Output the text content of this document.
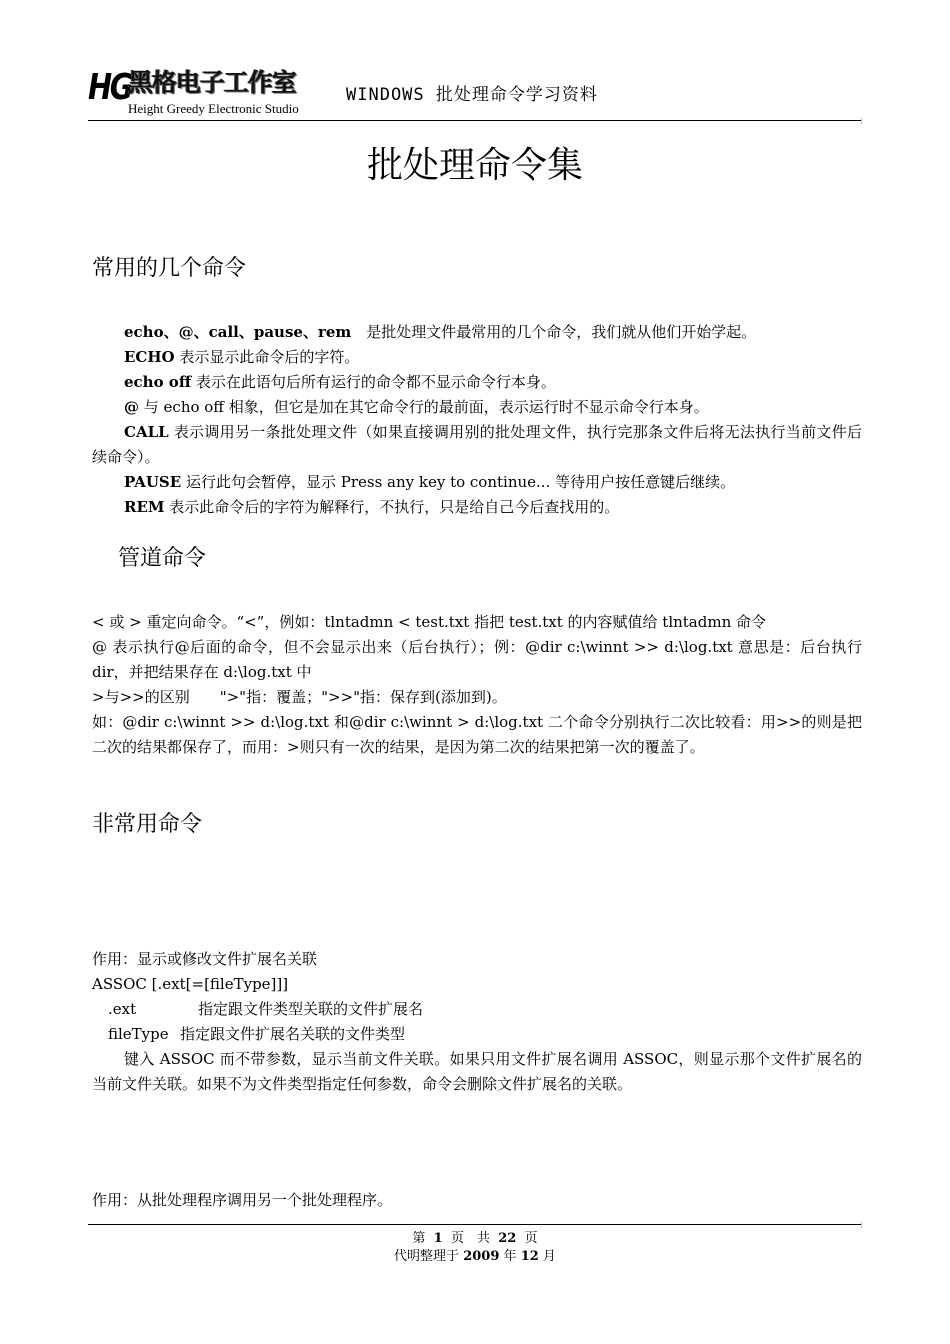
HG
黑格电子工作室
Height Greedy Electronic Studio
WINDOWS 批处理命令学习资料
批处理命令集
常用的几个命令
echo、@、call、pause、rem　是批处理文件最常用的几个命令，我们就从他们开始学起。
ECHO 表示显示此命令后的字符。
echo off 表示在此语句后所有运行的命令都不显示命令行本身。
@ 与 echo off 相象，但它是加在其它命令行的最前面，表示运行时不显示命令行本身。
CALL 表示调用另一条批处理文件（如果直接调用别的批处理文件，执行完那条文件后将无法执行当前文件后续命令）。
PAUSE 运行此句会暂停，显示 Press any key to continue... 等待用户按任意键后继续。
REM 表示此命令后的字符为解释行，不执行，只是给自己今后查找用的。
管道命令
< 或 > 重定向命令。“<”，例如：tlntadmn < test.txt 指把 test.txt 的内容赋值给 tlntadmn 命令
@ 表示执行@后面的命令，但不会显示出来（后台执行）；例：@dir c:\winnt >> d:\log.txt 意思是：后台执行 dir，并把结果存在 d:\log.txt 中
>与>>的区别　　">"指：覆盖；">>"指：保存到(添加到)。
如：@dir c:\winnt >> d:\log.txt 和@dir c:\winnt > d:\log.txt 二个命令分别执行二次比较看：用>>的则是把二次的结果都保存了，而用：>则只有一次的结果，是因为第二次的结果把第一次的覆盖了。
非常用命令
作用：显示或修改文件扩展名关联
ASSOC [.ext[=[fileType]]]
.ext	指定跟文件类型关联的文件扩展名
fileType 指定跟文件扩展名关联的文件类型
键入 ASSOC 而不带参数，显示当前文件关联。如果只用文件扩展名调用 ASSOC，则显示那个文件扩展名的当前文件关联。如果不为文件类型指定任何参数，命令会删除文件扩展名的关联。
作用：从批处理程序调用另一个批处理程序。
第 1 页　共 22 页
代明整理于 2009 年 12 月
